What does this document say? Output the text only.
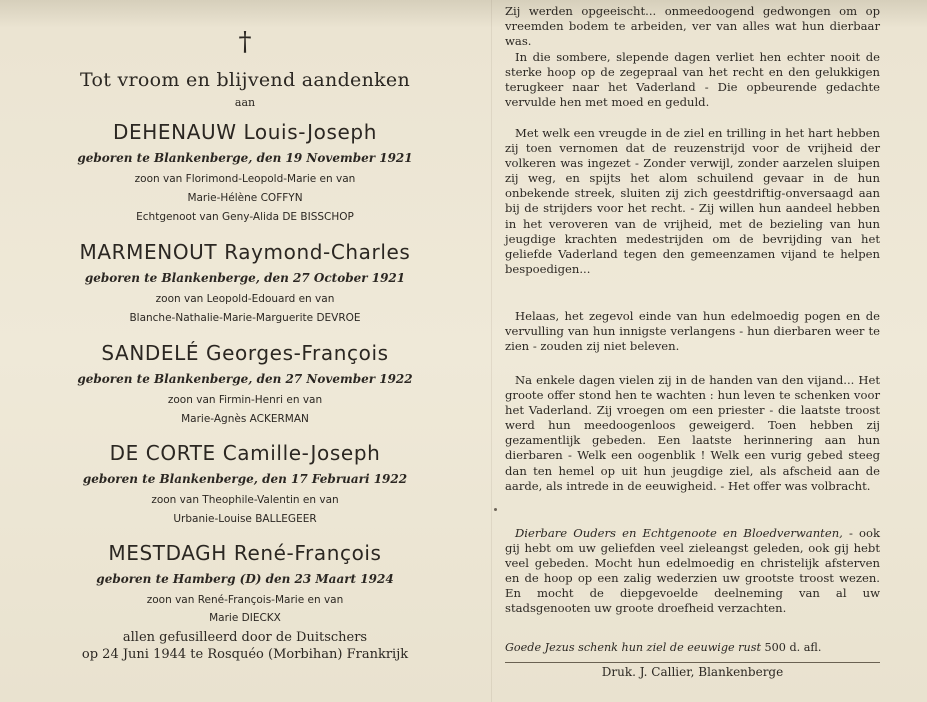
†
Tot vroom en blijvend aandenken
aan
DEHENAUW Louis-Joseph
geboren te Blankenberge, den 19 November 1921
zoon van Florimond-Leopold-Marie en van
Marie-Hélène COFFYN
Echtgenoot van Geny-Alida DE BISSCHOP
MARMENOUT Raymond-Charles
geboren te Blankenberge, den 27 October 1921
zoon van Leopold-Edouard en van
Blanche-Nathalie-Marie-Marguerite DEVROE
SANDELÉ Georges-François
geboren te Blankenberge, den 27 November 1922
zoon van Firmin-Henri en van
Marie-Agnès ACKERMAN
DE CORTE Camille-Joseph
geboren te Blankenberge, den 17 Februari 1922
zoon van Theophile-Valentin en van
Urbanie-Louise BALLEGEER
MESTDAGH René-François
geboren te Hamberg (D) den 23 Maart 1924
zoon van René-François-Marie en van
Marie DIECKX
allen gefusilleerd door de Duitschers
op 24 Juni 1944 te Rosquéo (Morbihan) Frankrijk
Zij werden opgeeischt... onmeedoogend gedwongen om op vreemden bodem te arbeiden, ver van alles wat hun dierbaar was.
In die sombere, slepende dagen verliet hen echter nooit de sterke hoop op de zegepraal van het recht en den gelukkigen terugkeer naar het Vaderland - Die opbeurende gedachte vervulde hen met moed en geduld.
Met welk een vreugde in de ziel en trilling in het hart hebben zij toen vernomen dat de reuzenstrijd voor de vrijheid der volkeren was ingezet - Zonder verwijl, zonder aarzelen sluipen zij weg, en spijts het alom schuilend gevaar in de hun onbekende streek, sluiten zij zich geestdriftig-onversaagd aan bij de strijders voor het recht. - Zij willen hun aandeel hebben in het veroveren van de vrijheid, met de bezieling van hun jeugdige krachten medestrijden om de bevrijding van het geliefde Vaderland tegen den gemeenzamen vijand te helpen bespoedigen...
Helaas, het zegevol einde van hun edelmoedig pogen en de vervulling van hun innigste verlangens - hun dierbaren weer te zien - zouden zij niet beleven.
Na enkele dagen vielen zij in de handen van den vijand... Het groote offer stond hen te wachten : hun leven te schenken voor het Vaderland. Zij vroegen om een priester - die laatste troost werd hun meedoogenloos geweigerd. Toen hebben zij gezamentlijk gebeden. Een laatste herinnering aan hun dierbaren - Welk een oogenblik ! Welk een vurig gebed steeg dan ten hemel op uit hun jeugdige ziel, als afscheid aan de aarde, als intrede in de eeuwigheid. - Het offer was volbracht.
Dierbare Ouders en Echtgenoote en Bloedverwanten, - ook gij hebt om uw geliefden veel zieleangst geleden, ook gij hebt veel gebeden. Mocht hun edelmoedig en christelijk afsterven en de hoop op een zalig wederzien uw grootste troost wezen. En mocht de diepgevoelde deelneming van al uw stadsgenooten uw groote droefheid verzachten.
Goede Jezus schenk hun ziel de eeuwige rust 500 d. afl.
Druk. J. Callier, Blankenberge
